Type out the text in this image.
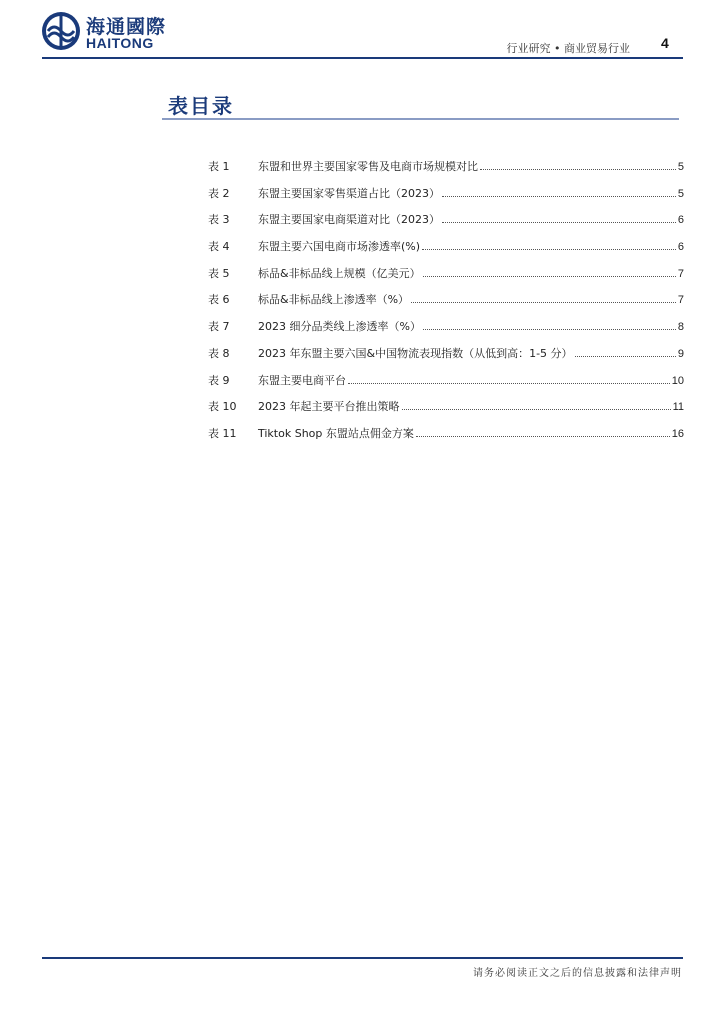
海通國際
HAITONG	行业研究 • 商业贸易行业 4
表目录
表 1	东盟和世界主要国家零售及电商市场规模对比	5
表 2	东盟主要国家零售渠道占比（2023）	5
表 3	东盟主要国家电商渠道对比（2023）	6
表 4	东盟主要六国电商市场渗透率(%)	6
表 5	标品&非标品线上规模（亿美元）	7
表 6	标品&非标品线上渗透率（%）	7
表 7	2023 细分品类线上渗透率（%）	8
表 8	2023 年东盟主要六国&中国物流表现指数（从低到高：1-5 分）	9
表 9	东盟主要电商平台	10
表 10	2023 年起主要平台推出策略	11
表 11	Tiktok Shop 东盟站点佣金方案	16
请务必阅读正文之后的信息披露和法律声明
